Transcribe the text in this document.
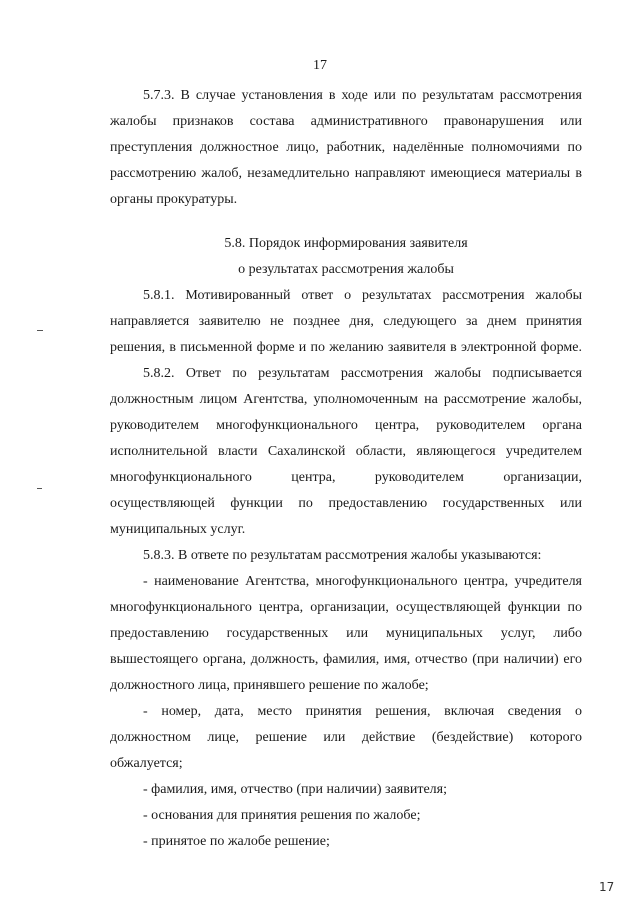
17
5.7.3. В случае установления в ходе или по результатам рассмотрения
жалобы признаков состава административного правонарушения или
преступления должностное лицо, работник, наделённые полномочиями по
рассмотрению жалоб, незамедлительно направляют имеющиеся материалы в
органы прокуратуры.
5.8. Порядок информирования заявителя
о результатах рассмотрения жалобы
5.8.1. Мотивированный ответ о результатах рассмотрения жалобы
направляется заявителю не позднее дня, следующего за днем принятия
решения, в письменной форме и по желанию заявителя в электронной форме.
5.8.2. Ответ по результатам рассмотрения жалобы подписывается
должностным лицом Агентства, уполномоченным на рассмотрение жалобы,
руководителем многофункционального центра, руководителем органа
исполнительной власти Сахалинской области, являющегося учредителем
многофункционального центра, руководителем организации,
осуществляющей функции по предоставлению государственных или
муниципальных услуг.
5.8.3. В ответе по результатам рассмотрения жалобы указываются:
- наименование Агентства, многофункционального центра, учредителя
многофункционального центра, организации, осуществляющей функции по
предоставлению государственных или муниципальных услуг, либо
вышестоящего органа, должность, фамилия, имя, отчество (при наличии) его
должностного лица, принявшего решение по жалобе;
- номер, дата, место принятия решения, включая сведения о
должностном лице, решение или действие (бездействие) которого
обжалуется;
- фамилия, имя, отчество (при наличии) заявителя;
- основания для принятия решения по жалобе;
- принятое по жалобе решение;
17
